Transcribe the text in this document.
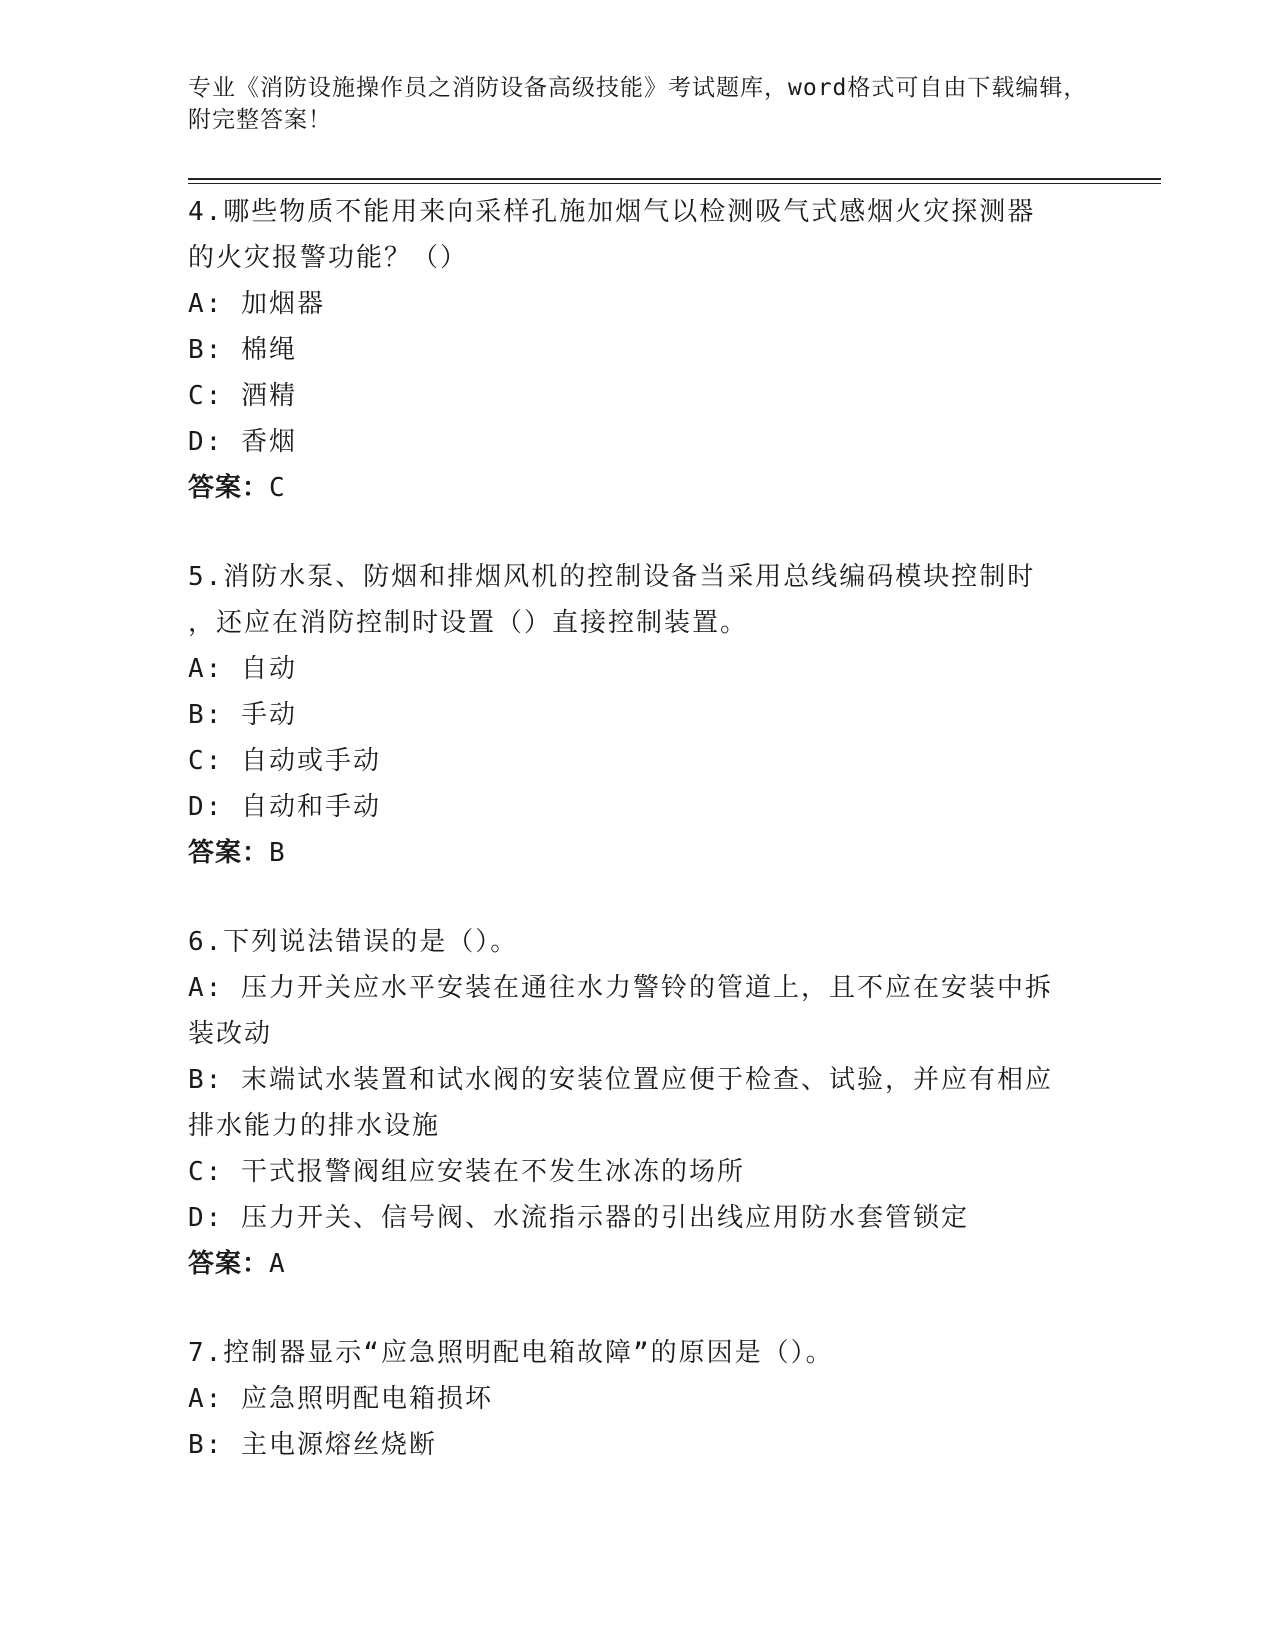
专业《消防设施操作员之消防设备高级技能》考试题库，word格式可自由下载编辑，附完整答案！
4.哪些物质不能用来向采样孔施加烟气以检测吸气式感烟火灾探测器
的火灾报警功能？（）
A: 加烟器
B: 棉绳
C: 酒精
D: 香烟
答案：C
5.消防水泵、防烟和排烟风机的控制设备当采用总线编码模块控制时
，还应在消防控制时设置（）直接控制装置。
A: 自动
B: 手动
C: 自动或手动
D: 自动和手动
答案：B
6.下列说法错误的是（）。
A: 压力开关应水平安装在通往水力警铃的管道上，且不应在安装中拆
装改动
B: 末端试水装置和试水阀的安装位置应便于检查、试验，并应有相应
排水能力的排水设施
C: 干式报警阀组应安装在不发生冰冻的场所
D: 压力开关、信号阀、水流指示器的引出线应用防水套管锁定
答案：A
7.控制器显示“应急照明配电箱故障”的原因是（）。
A: 应急照明配电箱损坏
B: 主电源熔丝烧断
